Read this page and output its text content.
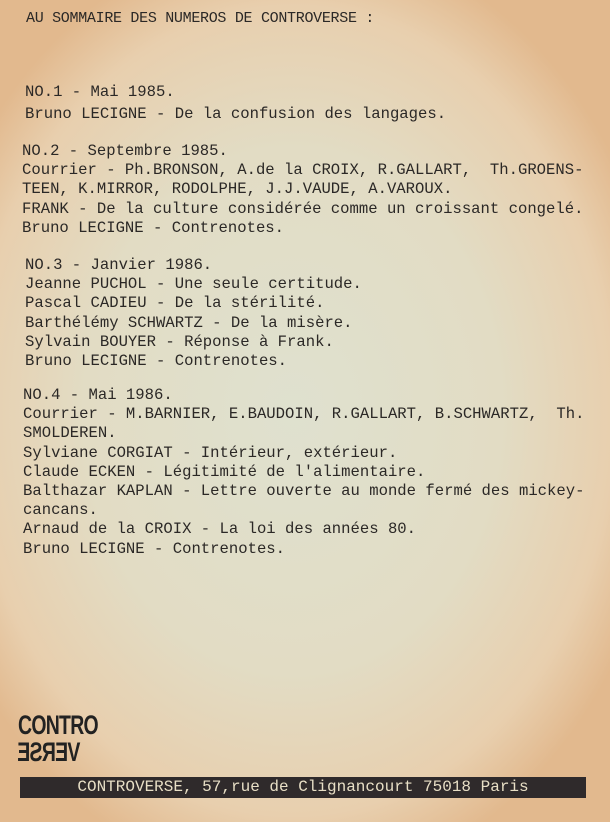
AU SOMMAIRE DES NUMEROS DE CONTROVERSE :
NO.1 - Mai 1985.
Bruno LECIGNE - De la confusion des langages.
NO.2 - Septembre 1985.
Courrier - Ph.BRONSON, A.de la CROIX, R.GALLART,  Th.GROENS-
TEEN, K.MIRROR, RODOLPHE, J.J.VAUDE, A.VAROUX.
FRANK - De la culture considérée comme un croissant congelé.
Bruno LECIGNE - Contrenotes.
NO.3 - Janvier 1986.
Jeanne PUCHOL - Une seule certitude.
Pascal CADIEU - De la stérilité.
Barthélémy SCHWARTZ - De la misère.
Sylvain BOUYER - Réponse à Frank.
Bruno LECIGNE - Contrenotes.
NO.4 - Mai 1986.
Courrier - M.BARNIER, E.BAUDOIN, R.GALLART, B.SCHWARTZ,  Th.
SMOLDEREN.
Sylviane CORGIAT - Intérieur, extérieur.
Claude ECKEN - Légitimité de l'alimentaire.
Balthazar KAPLAN - Lettre ouverte au monde fermé des mickey-
cancans.
Arnaud de la CROIX - La loi des années 80.
Bruno LECIGNE - Contrenotes.
CONTRO
VERSE
CONTROVERSE, 57,rue de Clignancourt 75018 Paris
